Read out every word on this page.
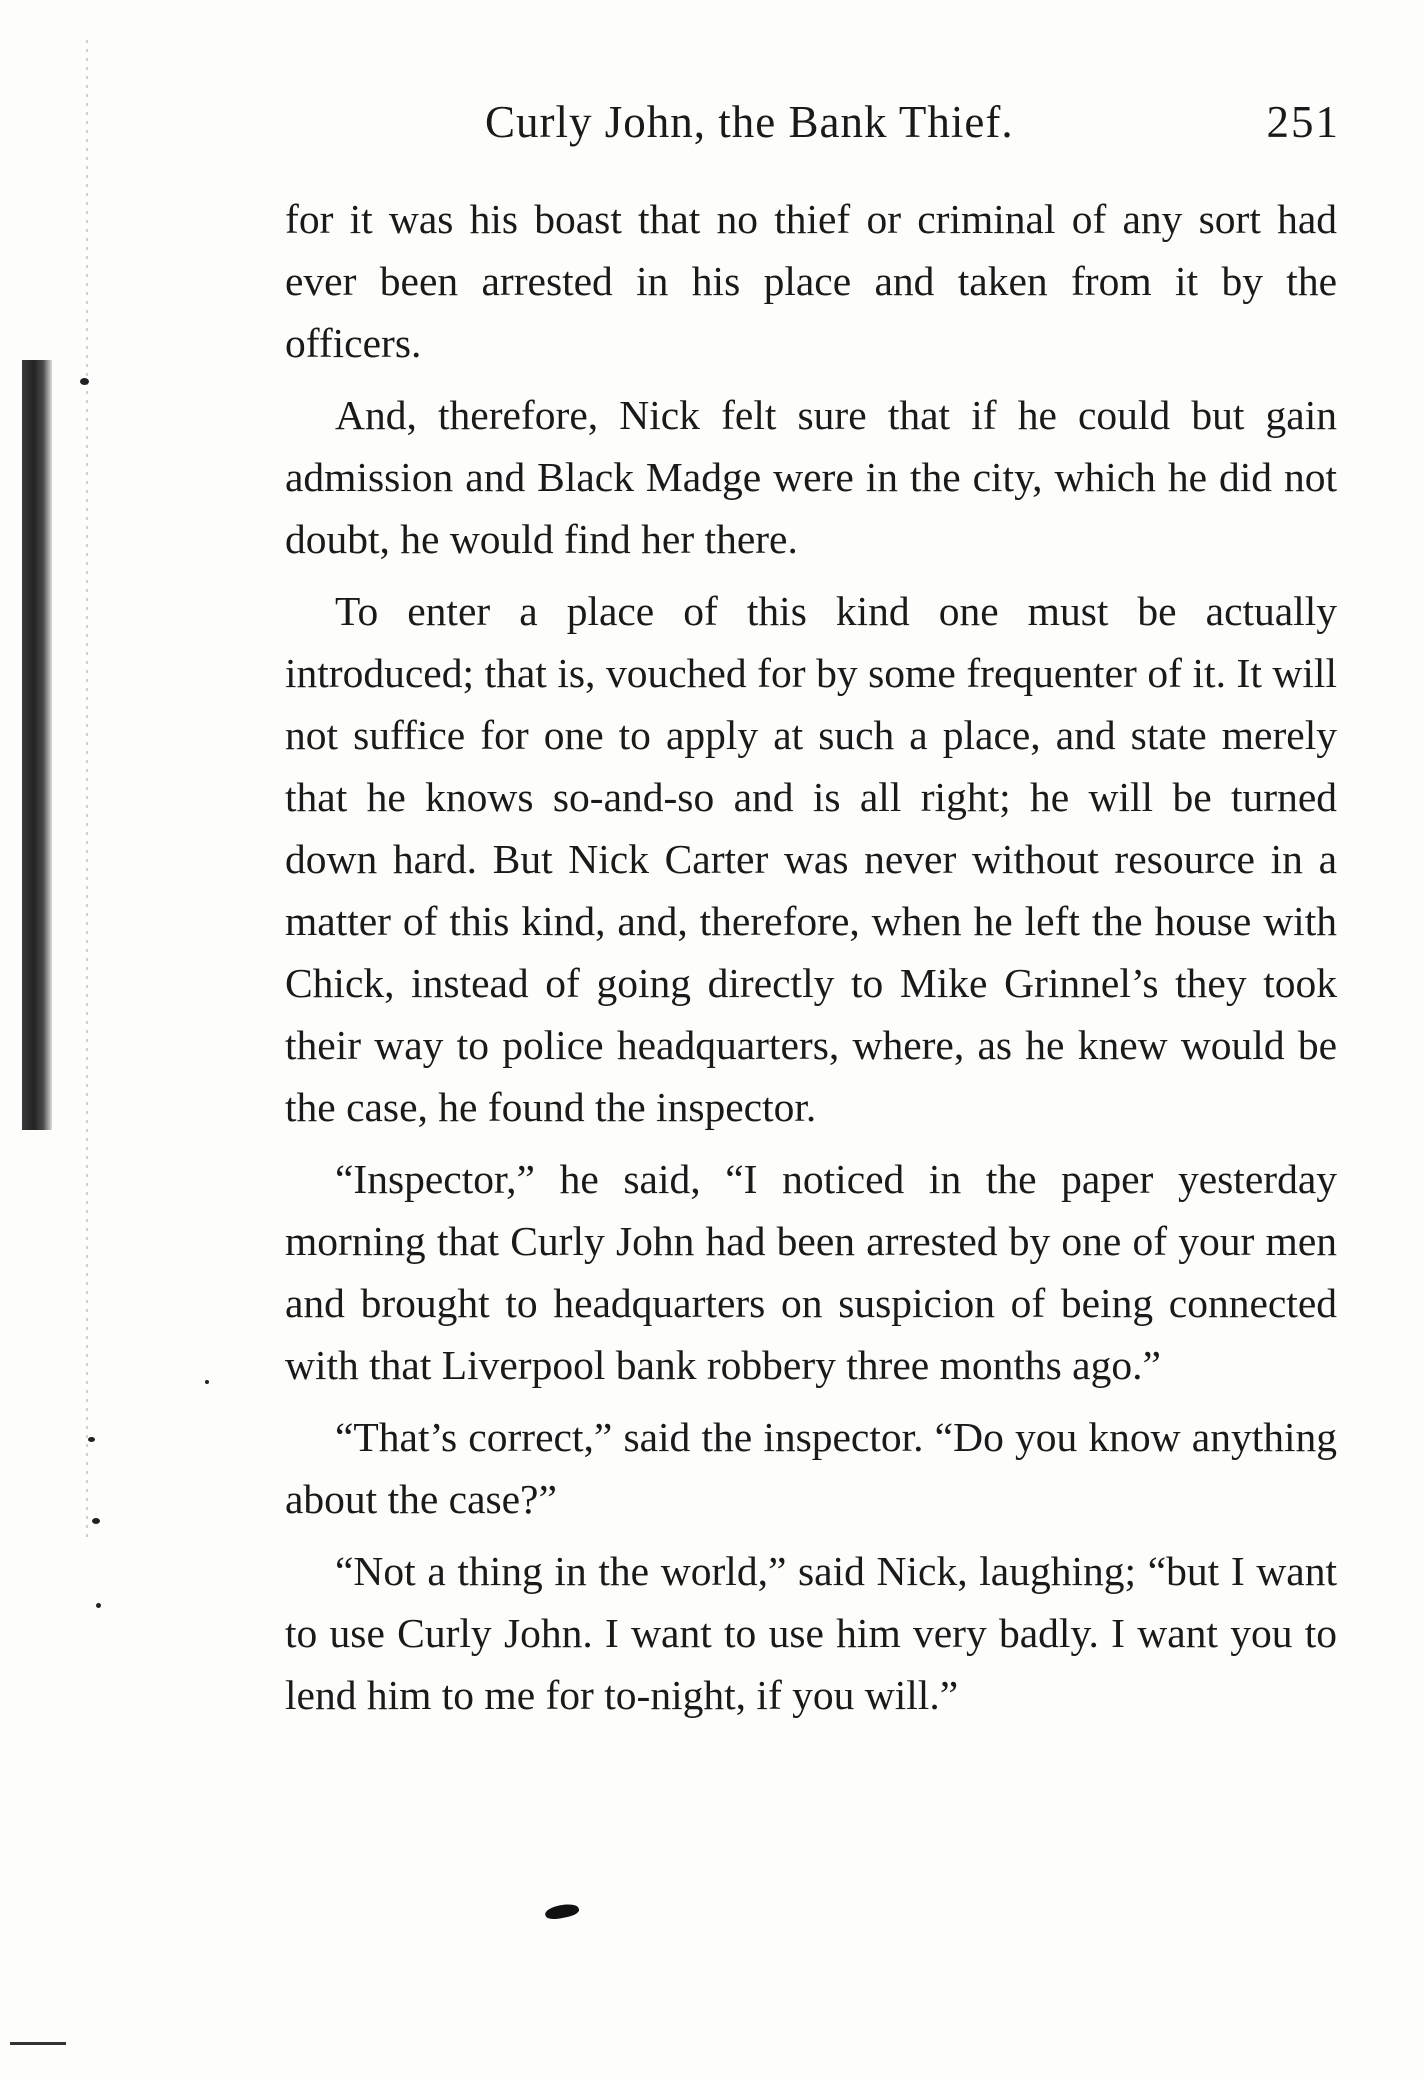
Curly John, the Bank Thief.	251

for it was his boast that no thief or criminal of any sort had ever been arrested in his place and taken from it by the officers.

And, therefore, Nick felt sure that if he could but gain admission and Black Madge were in the city, which he did not doubt, he would find her there.

To enter a place of this kind one must be actually introduced; that is, vouched for by some frequenter of it. It will not suffice for one to apply at such a place, and state merely that he knows so-and-so and is all right; he will be turned down hard. But Nick Carter was never without resource in a matter of this kind, and, therefore, when he left the house with Chick, instead of going directly to Mike Grinnel’s they took their way to police headquarters, where, as he knew would be the case, he found the inspector.

“Inspector,” he said, “I noticed in the paper yesterday morning that Curly John had been arrested by one of your men and brought to headquarters on suspicion of being connected with that Liverpool bank robbery three months ago.”

“That’s correct,” said the inspector. “Do you know anything about the case?”

“Not a thing in the world,” said Nick, laughing; “but I want to use Curly John. I want to use him very badly. I want you to lend him to me for to-night, if you will.”
